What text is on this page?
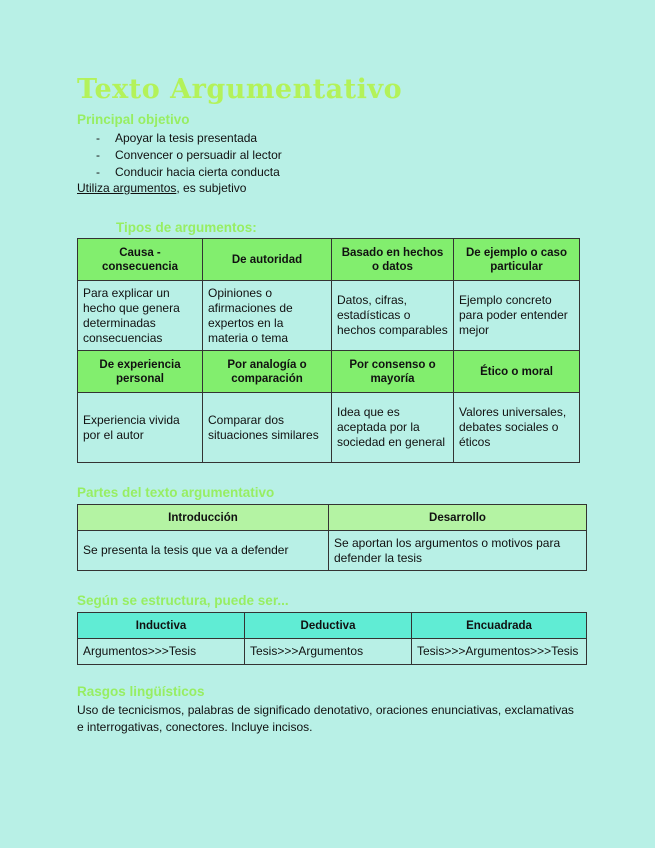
Texto Argumentativo
Principal objetivo
- Apoyar la tesis presentada
- Convencer o persuadir al lector
- Conducir hacia cierta conducta

Utiliza argumentos, es subjetivo

Tipos de argumentos:
Causa - consecuencia	De autoridad	Basado en hechos o datos	De ejemplo o caso particular
Para explicar un hecho que genera determinadas consecuencias	Opiniones o afirmaciones de expertos en la materia o tema	Datos, cifras, estadísticas o hechos comparables	Ejemplo concreto para poder entender mejor
De experiencia personal	Por analogía o comparación	Por consenso o mayoría	Ético o moral
Experiencia vivida por el autor	Comparar dos situaciones similares	Idea que es aceptada por la sociedad en general	Valores universales, debates sociales o éticos
Partes del texto argumentativo
Introducción	Desarrollo
Se presenta la tesis que va a defender	Se aportan los argumentos o motivos para defender la tesis
Según se estructura, puede ser...
Inductiva	Deductiva	Encuadrada
Argumentos>>>Tesis	Tesis>>>Argumentos	Tesis>>>Argumentos>>>Tesis
Rasgos lingüísticos

Uso de tecnicismos, palabras de significado denotativo, oraciones enunciativas, exclamativas e interrogativas, conectores. Incluye incisos.
